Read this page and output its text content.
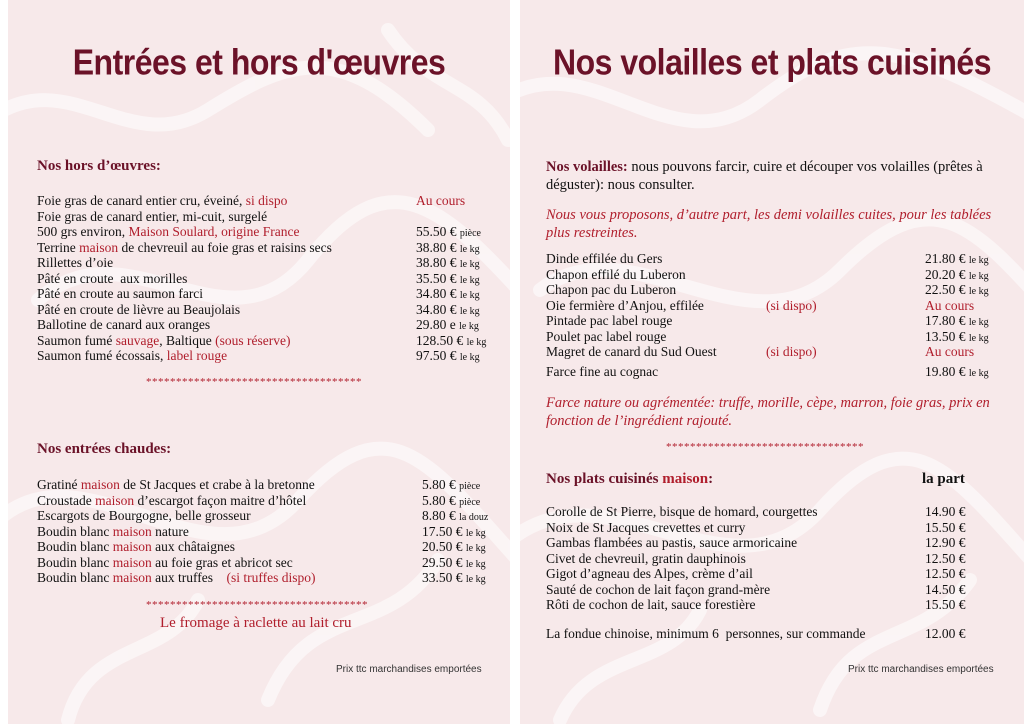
Entrées et hors d'œuvres
Nos hors d’œuvres:
Foie gras de canard entier cru, éveiné, si dispo	Au cours
Foie gras de canard entier, mi-cuit, surgelé
500 grs environ, Maison Soulard, origine France	55.50 € pièce
Terrine maison de chevreuil au foie gras et raisins secs	38.80 € le kg
Rillettes d’oie	38.80 € le kg
Pâté en croute  aux morilles	35.50 € le kg
Pâté en croute au saumon farci	34.80 € le kg
Pâté en croute de lièvre au Beaujolais	34.80 € le kg
Ballotine de canard aux oranges	29.80 e le kg
Saumon fumé sauvage, Baltique (sous réserve)	128.50 € le kg
Saumon fumé écossais, label rouge	97.50 € le kg
************************************
Nos entrées chaudes:
Gratiné maison de St Jacques et crabe à la bretonne	5.80 € pièce
Croustade maison d’escargot façon maitre d’hôtel	5.80 € pièce
Escargots de Bourgogne, belle grosseur	8.80 € la douz
Boudin blanc maison nature	17.50 € le kg
Boudin blanc maison aux châtaignes	20.50 € le kg
Boudin blanc maison au foie gras et abricot sec	29.50 € le kg
Boudin blanc maison aux truffes    (si truffes dispo)	33.50 € le kg
*************************************
Le fromage à raclette au lait cru
Prix ttc marchandises emportées
Nos volailles et plats cuisinés
Nos volailles: nous pouvons farcir, cuire et découper vos volailles (prêtes à déguster): nous consulter.
Nous vous proposons, d’autre part, les demi volailles cuites, pour les tablées plus restreintes.
Dinde effilée du Gers	21.80 € le kg
Chapon effilé du Luberon	20.20 € le kg
Chapon pac du Luberon	22.50 € le kg
Oie fermière d’Anjou, effilée	(si dispo)	Au cours
Pintade pac label rouge	17.80 € le kg
Poulet pac label rouge	13.50 € le kg
Magret de canard du Sud Ouest	(si dispo)	Au cours
Farce fine au cognac	19.80 € le kg
Farce nature ou agrémentée: truffe, morille, cèpe, marron, foie gras, prix en fonction de l’ingrédient rajouté.
*********************************
Nos plats cuisinés maison:	la part
Corolle de St Pierre, bisque de homard, courgettes	14.90 €
Noix de St Jacques crevettes et curry	15.50 €
Gambas flambées au pastis, sauce armoricaine	12.90 €
Civet de chevreuil, gratin dauphinois	12.50 €
Gigot d’agneau des Alpes, crème d’ail	12.50 €
Sauté de cochon de lait façon grand-mère	14.50 €
Rôti de cochon de lait, sauce forestière	15.50 €
La fondue chinoise, minimum 6  personnes, sur commande	12.00 €
Prix ttc marchandises emportées
